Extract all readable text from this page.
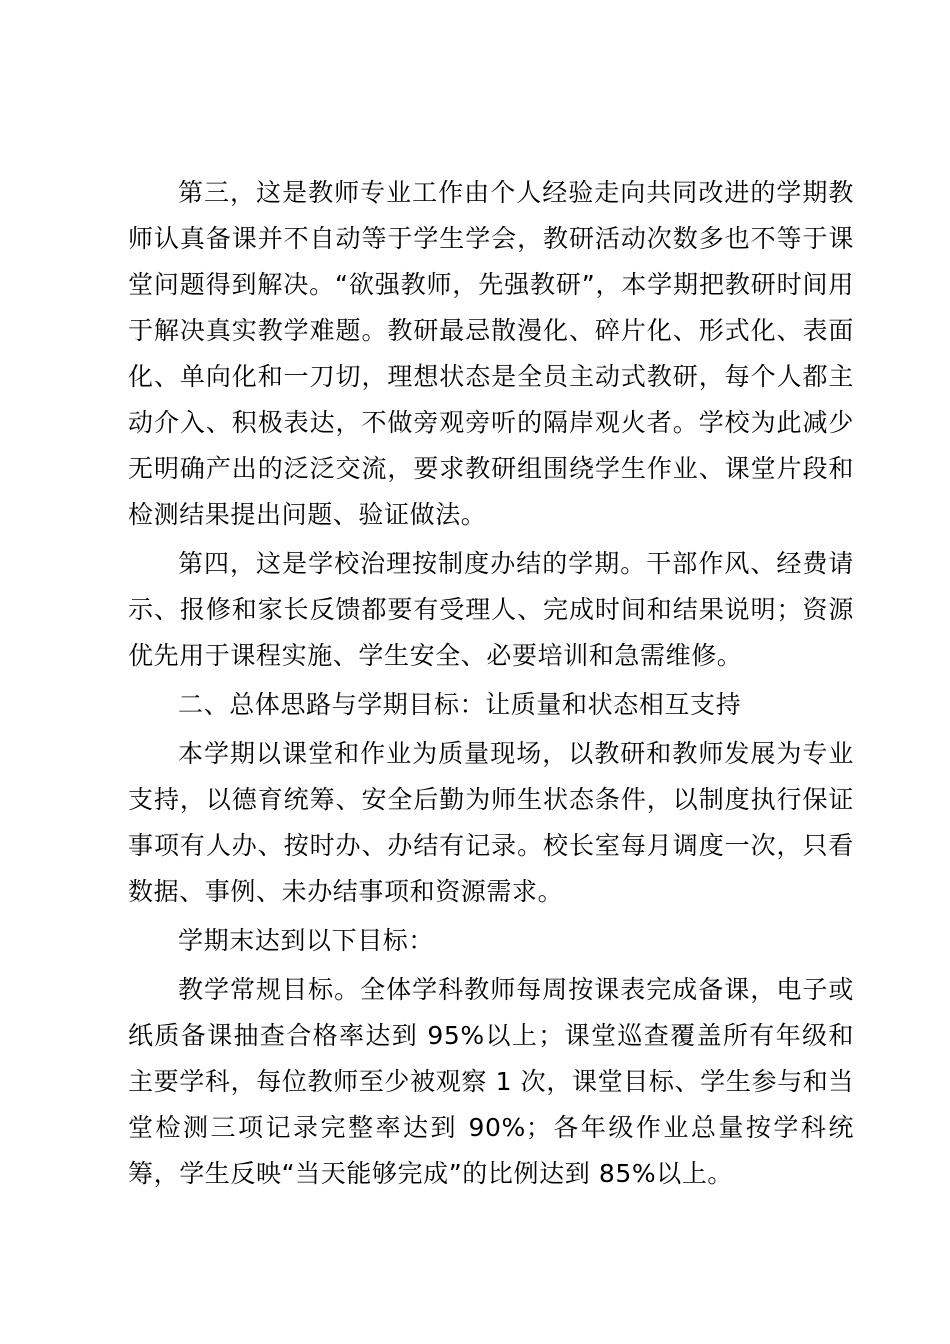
第三，这是教师专业工作由个人经验走向共同改进的学期教师认真备课并不自动等于学生学会，教研活动次数多也不等于课堂问题得到解决。“欲强教师，先强教研”，本学期把教研时间用于解决真实教学难题。教研最忌散漫化、碎片化、形式化、表面化、单向化和一刀切，理想状态是全员主动式教研，每个人都主动介入、积极表达，不做旁观旁听的隔岸观火者。学校为此减少无明确产出的泛泛交流，要求教研组围绕学生作业、课堂片段和检测结果提出问题、验证做法。

第四，这是学校治理按制度办结的学期。干部作风、经费请示、报修和家长反馈都要有受理人、完成时间和结果说明；资源优先用于课程实施、学生安全、必要培训和急需维修。

二、总体思路与学期目标：让质量和状态相互支持

本学期以课堂和作业为质量现场，以教研和教师发展为专业支持，以德育统筹、安全后勤为师生状态条件，以制度执行保证事项有人办、按时办、办结有记录。校长室每月调度一次，只看数据、事例、未办结事项和资源需求。

学期末达到以下目标：

教学常规目标。全体学科教师每周按课表完成备课，电子或纸质备课抽查合格率达到 95%以上；课堂巡查覆盖所有年级和主要学科，每位教师至少被观察 1 次，课堂目标、学生参与和当堂检测三项记录完整率达到 90%；各年级作业总量按学科统筹，学生反映“当天能够完成”的比例达到 85%以上。
